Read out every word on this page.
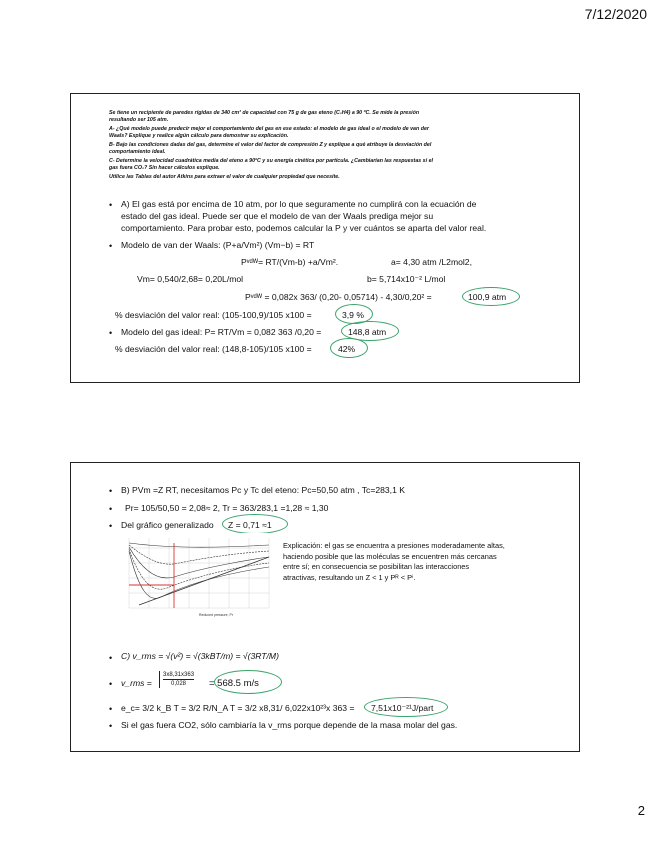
7/12/2020
Se tiene un recipiente de paredes rígidas de 340 cm³ de capacidad con 75 g de gas eteno (C₂H4) a 90 ºC. Se mide la presión
resultando ser 105 atm.
A- ¿Qué modelo puede predecir mejor el comportamiento del gas en ese estado: el modelo de gas ideal o el modelo de van der
Waals? Explique y realice algún cálculo para demostrar su explicación.
B- Bajo las condiciones dadas del gas, determine el valor del factor de compresión Z y explique a qué atribuye la desviación del
comportamiento ideal.
C- Determine la velocidad cuadrática media del eteno a 90ºC y su energía cinética por partícula. ¿Cambiarían las respuestas si el
gas fuera CO₂? Sin hacer cálculos explique.
Utilice las Tablas del autor Atkins para extraer el valor de cualquier propiedad que necesite.
• A) El gas está por encima de 10 atm, por lo que seguramente no cumplirá con la ecuación de
estado del gas ideal. Puede ser que el modelo de van der Waals prediga mejor su
comportamiento. Para probar esto, podemos calcular la P y ver cuántos se aparta del valor real.
• Modelo de van der Waals: (P+a/Vm²) (Vm−b) = RT
Pᵛᵈᵂ= RT/(Vm-b) +a/Vm².	a= 4,30 atm /L2mol2,
Vm= 0,540/2,68= 0,20L/mol	b= 5,714x10⁻² L/mol
Pᵛᵈᵂ = 0,082x 363/ (0,20- 0,05714) - 4,30/0,20² =	100,9 atm
% desviación del valor real: (105-100,9)/105 x100 =	3,9 %
• Modelo del gas ideal: P= RT/Vm = 0,082 363 /0,20 =	148,8 atm
% desviación del valor real: (148,8-105)/105 x100 =	42%
• B) PVm =Z RT, necesitamos Pc y Tc del eteno: Pc=50,50 atm , Tc=283,1 K
• Pr= 105/50,50 = 2,08≈ 2, Tr = 363/283,1 =1,28 ≈ 1,30
• Del gráfico generalizado Z = 0,71 ≈1
Reduced pressure, Pr
Explicación: el gas se encuentra a presiones moderadamente altas,
haciendo posible que las moléculas se encuentren más cercanas
entre sí; en consecuencia se posibilitan las interacciones
atractivas, resultando un Z < 1 y Pᴿ < Pⁱ.
• C) v_rms = √(v²) = √(3kBT/m) = √(3RT/M)
• v_rms = $\frac{3x8,31x363}{0,028} = 568.5$ m/s
• e_c= 3/2 k_B T = 3/2 R/N_A T = 3/2 x8,31/ 6,022x10²³x 363 = 7,51x10⁻²¹J/part
• Si el gas fuera CO2, sólo cambiaría la v_rms porque depende de la masa molar del gas.
2
